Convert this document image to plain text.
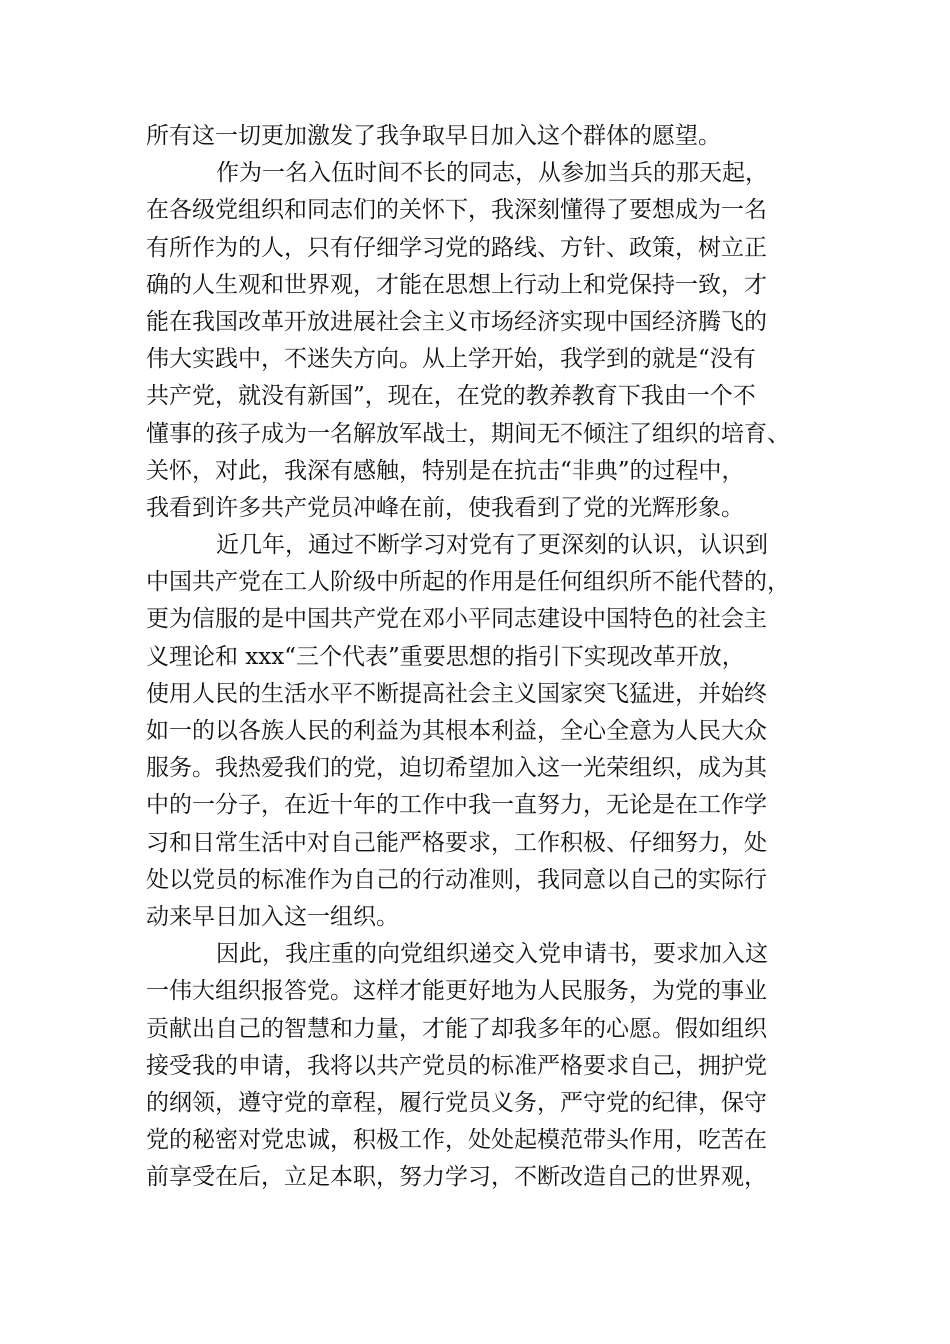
所有这一切更加激发了我争取早日加入这个群体的愿望。
作为一名入伍时间不长的同志，从参加当兵的那天起，
在各级党组织和同志们的关怀下，我深刻懂得了要想成为一名
有所作为的人，只有仔细学习党的路线、方针、政策，树立正
确的人生观和世界观，才能在思想上行动上和党保持一致，才
能在我国改革开放进展社会主义市场经济实现中国经济腾飞的
伟大实践中，不迷失方向。从上学开始，我学到的就是“没有
共产党，就没有新国”，现在，在党的教养教育下我由一个不
懂事的孩子成为一名解放军战士，期间无不倾注了组织的培育、
关怀，对此，我深有感触，特别是在抗击“非典”的过程中，
我看到许多共产党员冲峰在前，使我看到了党的光辉形象。
近几年，通过不断学习对党有了更深刻的认识，认识到
中国共产党在工人阶级中所起的作用是任何组织所不能代替的，
更为信服的是中国共产党在邓小平同志建设中国特色的社会主
义理论和 xxx“三个代表”重要思想的指引下实现改革开放，
使用人民的生活水平不断提高社会主义国家突飞猛进，并始终
如一的以各族人民的利益为其根本利益，全心全意为人民大众
服务。我热爱我们的党，迫切希望加入这一光荣组织，成为其
中的一分子，在近十年的工作中我一直努力，无论是在工作学
习和日常生活中对自己能严格要求，工作积极、仔细努力，处
处以党员的标准作为自己的行动准则，我同意以自己的实际行
动来早日加入这一组织。
因此，我庄重的向党组织递交入党申请书，要求加入这
一伟大组织报答党。这样才能更好地为人民服务，为党的事业
贡献出自己的智慧和力量，才能了却我多年的心愿。假如组织
接受我的申请，我将以共产党员的标准严格要求自己，拥护党
的纲领，遵守党的章程，履行党员义务，严守党的纪律，保守
党的秘密对党忠诚，积极工作，处处起模范带头作用，吃苦在
前享受在后，立足本职，努力学习，不断改造自己的世界观，
